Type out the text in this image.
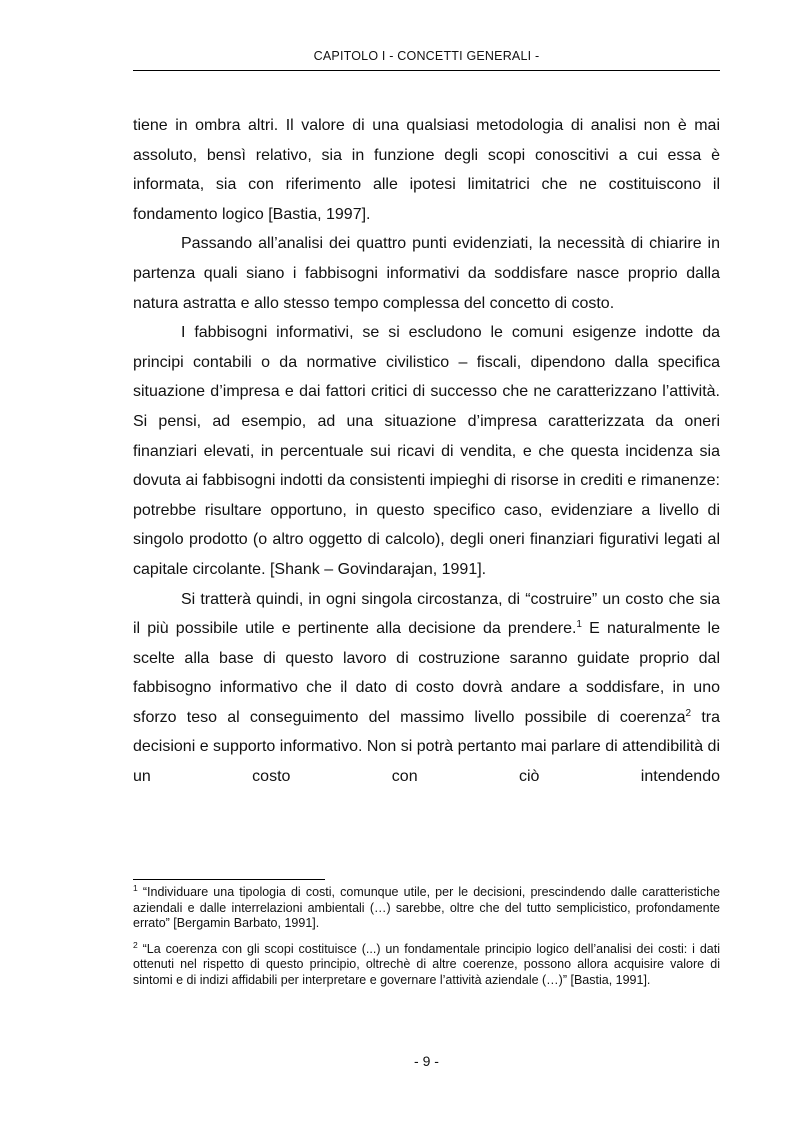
CAPITOLO I - CONCETTI GENERALI -

tiene in ombra altri. Il valore di una qualsiasi metodologia di analisi non è mai assoluto, bensì relativo, sia in funzione degli scopi conoscitivi a cui essa è informata, sia con riferimento alle ipotesi limitatrici che ne costituiscono il fondamento logico [Bastia, 1997].

Passando all’analisi dei quattro punti evidenziati, la necessità di chiarire in partenza quali siano i fabbisogni informativi da soddisfare nasce proprio dalla natura astratta e allo stesso tempo complessa del concetto di costo.

I fabbisogni informativi, se si escludono le comuni esigenze indotte da principi contabili o da normative civilistico – fiscali, dipendono dalla specifica situazione d’impresa e dai fattori critici di successo che ne caratterizzano l’attività. Si pensi, ad esempio, ad una situazione d’impresa caratterizzata da oneri finanziari elevati, in percentuale sui ricavi di vendita, e che questa incidenza sia dovuta ai fabbisogni indotti da consistenti impieghi di risorse in crediti e rimanenze: potrebbe risultare opportuno, in questo specifico caso, evidenziare a livello di singolo prodotto (o altro oggetto di calcolo), degli oneri finanziari figurativi legati al capitale circolante. [Shank – Govindarajan, 1991].

Si tratterà quindi, in ogni singola circostanza, di “costruire” un costo che sia il più possibile utile e pertinente alla decisione da prendere.$^1$ E naturalmente le scelte alla base di questo lavoro di costruzione saranno guidate proprio dal fabbisogno informativo che il dato di costo dovrà andare a soddisfare, in uno sforzo teso al conseguimento del massimo livello possibile di coerenza$^2$ tra decisioni e supporto informativo. Non si potrà pertanto mai parlare di attendibilità di un costo con ciò intendendo

$^1$ “Individuare una tipologia di costi, comunque utile, per le decisioni, prescindendo dalle caratteristiche aziendali e dalle interrelazioni ambientali (…) sarebbe, oltre che del tutto semplicistico, profondamente errato” [Bergamin Barbato, 1991].

$^2$ “La coerenza con gli scopi costituisce (...) un fondamentale principio logico dell’analisi dei costi: i dati ottenuti nel rispetto di questo principio, oltrechè di altre coerenze, possono allora acquisire valore di sintomi e di indizi affidabili per interpretare e governare l’attività aziendale (…)” [Bastia, 1991].

- 9 -
